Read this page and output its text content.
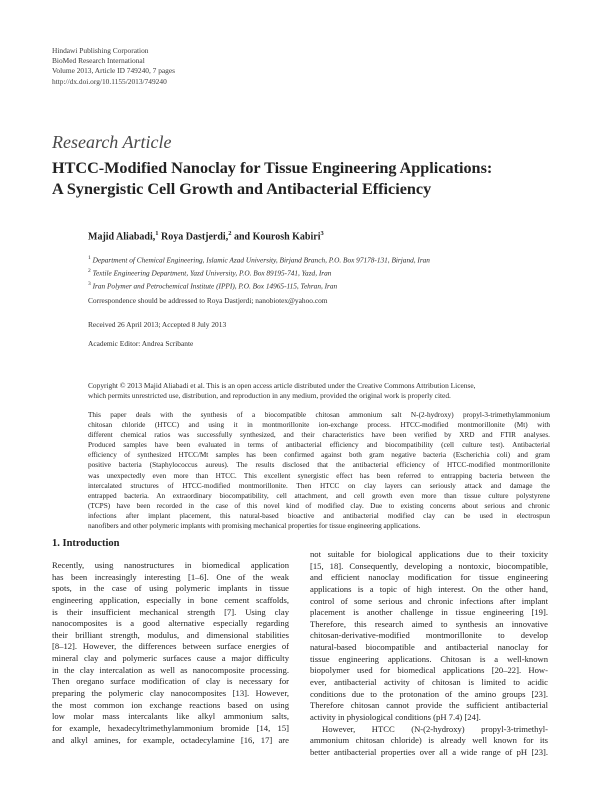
Hindawi Publishing Corporation
BioMed Research International
Volume 2013, Article ID 749240, 7 pages
http://dx.doi.org/10.1155/2013/749240
Research Article
HTCC-Modified Nanoclay for Tissue Engineering Applications:
A Synergistic Cell Growth and Antibacterial Efficiency
Majid Aliabadi,$^1$ Roya Dastjerdi,$^2$ and Kourosh Kabiri$^3$
$^1$ Department of Chemical Engineering, Islamic Azad University, Birjand Branch, P.O. Box 97178-131, Birjand, Iran
$^2$ Textile Engineering Department, Yazd University, P.O. Box 89195-741, Yazd, Iran
$^3$ Iran Polymer and Petrochemical Institute (IPPI), P.O. Box 14965-115, Tehran, Iran
Correspondence should be addressed to Roya Dastjerdi; nanobiotex@yahoo.com
Received 26 April 2013; Accepted 8 July 2013
Academic Editor: Andrea Scribante
Copyright © 2013 Majid Aliabadi et al. This is an open access article distributed under the Creative Commons Attribution License,
which permits unrestricted use, distribution, and reproduction in any medium, provided the original work is properly cited.
This paper deals with the synthesis of a biocompatible chitosan ammonium salt N-(2-hydroxy) propyl-3-trimethylammonium
chitosan chloride (HTCC) and using it in montmorillonite ion-exchange process. HTCC-modified montmorillonite (Mt) with
different chemical ratios was successfully synthesized, and their characteristics have been verified by XRD and FTIR analyses.
Produced samples have been evaluated in terms of antibacterial efficiency and biocompatibility (cell culture test). Antibacterial
efficiency of synthesized HTCC/Mt samples has been confirmed against both gram negative bacteria (Escherichia coli) and gram
positive bacteria (Staphylococcus aureus). The results disclosed that the antibacterial efficiency of HTCC-modified montmorillonite
was unexpectedly even more than HTCC. This excellent synergistic effect has been referred to entrapping bacteria between the
intercalated structures of HTCC-modified montmorillonite. Then HTCC on clay layers can seriously attack and damage the
entrapped bacteria. An extraordinary biocompatibility, cell attachment, and cell growth even more than tissue culture polystyrene
(TCPS) have been recorded in the case of this novel kind of modified clay. Due to existing concerns about serious and chronic
infections after implant placement, this natural-based bioactive and antibacterial modified clay can be used in electrospun
nanofibers and other polymeric implants with promising mechanical properties for tissue engineering applications.
1. Introduction
Recently, using nanostructures in biomedical application
has been increasingly interesting [1–6]. One of the weak
spots, in the case of using polymeric implants in tissue
engineering application, especially in bone cement scaffolds,
is their insufficient mechanical strength [7]. Using clay
nanocomposites is a good alternative especially regarding
their brilliant strength, modulus, and dimensional stabilities
[8–12]. However, the differences between surface energies of
mineral clay and polymeric surfaces cause a major difficulty
in the clay intercalation as well as nanocomposite processing.
Then oregano surface modification of clay is necessary for
preparing the polymeric clay nanocomposites [13]. However,
the most common ion exchange reactions based on using
low molar mass intercalants like alkyl ammonium salts,
for example, hexadecyltrimethylammonium bromide [14, 15]
and alkyl amines, for example, octadecylamine [16, 17] are
not suitable for biological applications due to their toxicity
[15, 18]. Consequently, developing a nontoxic, biocompatible,
and efficient nanoclay modification for tissue engineering
applications is a topic of high interest. On the other hand,
control of some serious and chronic infections after implant
placement is another challenge in tissue engineering [19].
Therefore, this research aimed to synthesis an innovative
chitosan-derivative-modified montmorillonite to develop
natural-based biocompatible and antibacterial nanoclay for
tissue engineering applications. Chitosan is a well-known
biopolymer used for biomedical applications [20–22]. How-
ever, antibacterial activity of chitosan is limited to acidic
conditions due to the protonation of the amino groups [23].
Therefore chitosan cannot provide the sufficient antibacterial
activity in physiological conditions (pH 7.4) [24].
However, HTCC (N-(2-hydroxy) propyl-3-trimethyl-
ammonium chitosan chloride) is already well known for its
better antibacterial properties over all a wide range of pH [23].
